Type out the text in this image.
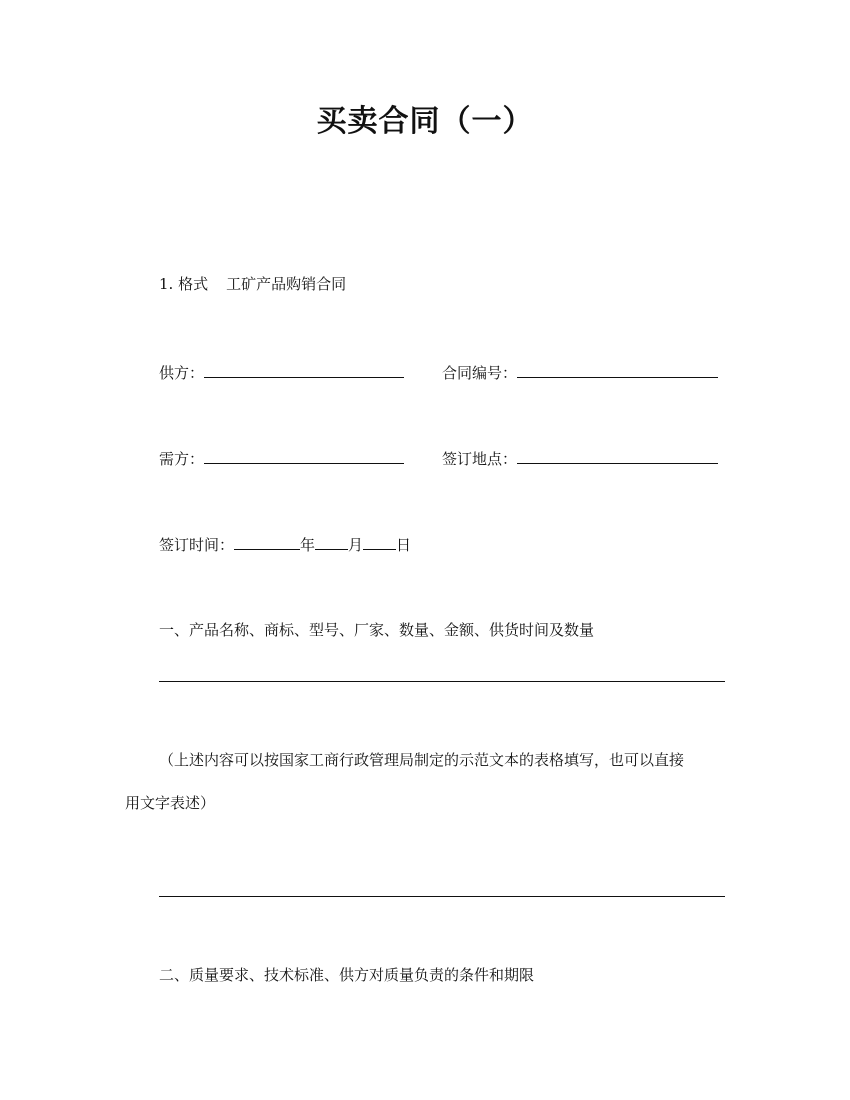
买卖合同（一）
1. 格式 工矿产品购销合同
供方：	合同编号：
需方：	签订地点：
签订时间：	年 月 日
一、产品名称、商标、型号、厂家、数量、金额、供货时间及数量
（上述内容可以按国家工商行政管理局制定的示范文本的表格填写，也可以直接
用文字表述）
二、质量要求、技术标准、供方对质量负责的条件和期限
